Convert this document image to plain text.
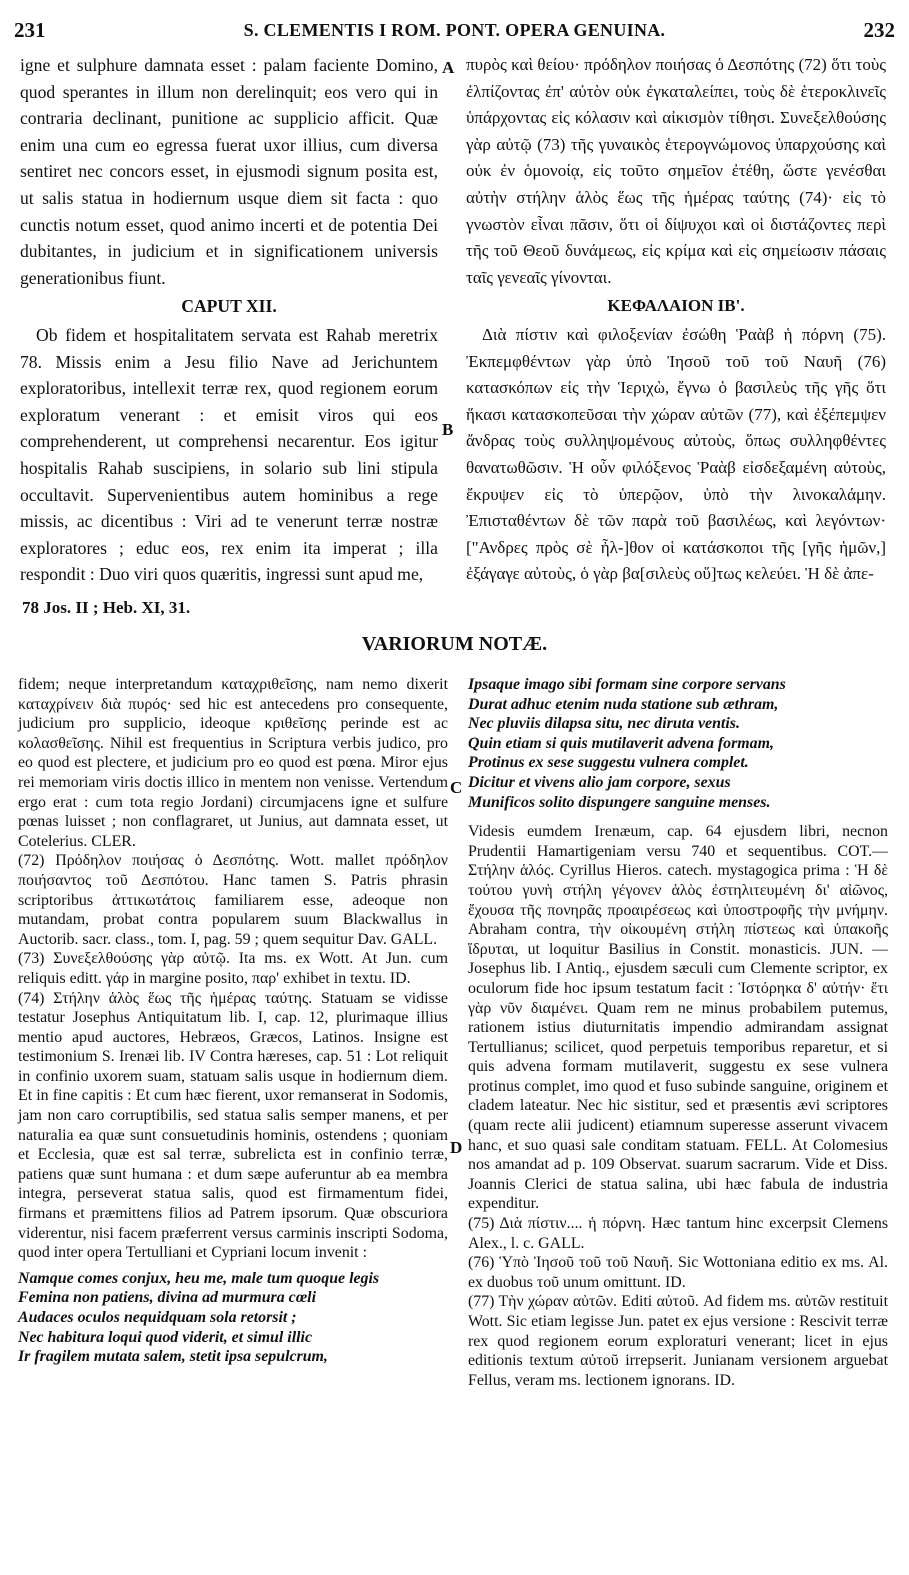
231	S. CLEMENTIS I ROM. PONT. OPERA GENUINA.	232

igne et sulphure damnata esset : palam faciente Domino, quod sperantes in illum non derelinquit; eos vero qui in contraria declinant, punitione ac supplicio afficit. Quæ enim una cum eo egressa fuerat uxor illius, cum diversa sentiret nec concors esset, in ejusmodi signum posita est, ut salis statua in hodiernum usque diem sit facta : quo cunctis notum esset, quod animo incerti et de potentia Dei dubitantes, in judicium et in significationem universis generationibus fiunt.

CAPUT XII.

Ob fidem et hospitalitatem servata est Rahab meretrix 78. Missis enim a Jesu filio Nave ad Jerichuntem exploratoribus, intellexit terræ rex, quod regionem eorum exploratum venerant : et emisit viros qui eos comprehenderent, ut comprehensi necarentur. Eos igitur hospitalis Rahab suscipiens, in solario sub lini stipula occultavit. Supervenientibus autem hominibus a rege missis, ac dicentibus : Viri ad te venerunt terræ nostræ exploratores ; educ eos, rex enim ita imperat ; illa respondit : Duo viri quos quæritis, ingressi sunt apud me,

A
B
C
D

πυρὸς καὶ θείου· πρόδηλον ποιήσας ὁ Δεσπότης (72) ὅτι τοὺς ἐλπίζοντας ἐπ' αὐτὸν οὐκ ἐγκαταλείπει, τοὺς δὲ ἑτεροκλινεῖς ὑπάρχοντας εἰς κόλασιν καὶ αἰκισμὸν τίθησι. Συνεξελθούσης γὰρ αὐτῷ (73) τῆς γυναικὸς ἑτερογνώμονος ὑπαρχούσης καὶ οὐκ ἐν ὁμονοίᾳ, εἰς τοῦτο σημεῖον ἐτέθη, ὥστε γενέσθαι αὐτὴν στήλην ἁλὸς ἕως τῆς ἡμέρας ταύτης (74)· εἰς τὸ γνωστὸν εἶναι πᾶσιν, ὅτι οἱ δίψυχοι καὶ οἱ διστάζοντες περὶ τῆς τοῦ Θεοῦ δυνάμεως, εἰς κρίμα καὶ εἰς σημείωσιν πάσαις ταῖς γενεαῖς γίνονται.

ΚΕΦΑΛΑΙΟΝ ΙΒ'.

Διὰ πίστιν καὶ φιλοξενίαν ἐσώθη Ῥαὰβ ἡ πόρνη (75). Ἐκπεμφθέντων γὰρ ὑπὸ Ἰησοῦ τοῦ τοῦ Ναυῆ (76) κατασκόπων εἰς τὴν Ἱεριχὼ, ἔγνω ὁ βασιλεὺς τῆς γῆς ὅτι ἥκασι κατασκοπεῦσαι τὴν χώραν αὐτῶν (77), καὶ ἐξέπεμψεν ἄνδρας τοὺς συλληψομένους αὐτοὺς, ὅπως συλληφθέντες θανατωθῶσιν. Ἡ οὖν φιλόξενος Ῥαὰβ εἰσδεξαμένη αὐτοὺς, ἔκρυψεν εἰς τὸ ὑπερῷον, ὑπὸ τὴν λινοκαλάμην. Ἐπισταθέντων δὲ τῶν παρὰ τοῦ βασιλέως, καὶ λεγόντων· ["Ανδρες πρὸς σὲ ἦλ-]θον οἱ κατάσκοποι τῆς [γῆς ἡμῶν,] ἐξάγαγε αὐτοὺς, ὁ γὰρ βα[σιλεὺς οὕ]τως κελεύει. Ἡ δὲ ἀπε-

78 Jos. II ; Heb. XI, 31.
VARIORUM NOTÆ.

fidem; neque interpretandum καταχριθεῖσης, nam nemo dixerit καταχρίνειν διὰ πυρός· sed hic est antecedens pro consequente, judicium pro supplicio, ideoque κριθεῖσης perinde est ac κολασθεῖσης. Nihil est frequentius in Scriptura verbis judico, pro eo quod est plectere, et judicium pro eo quod est pœna. Miror ejus rei memoriam viris doctis illico in mentem non venisse. Vertendum ergo erat : cum tota regio Jordani) circumjacens igne et sulfure pœnas luisset ; non conflagraret, ut Junius, aut damnata esset, ut Cotelerius. CLER.

(72) Πρόδηλον ποιήσας ὁ Δεσπότης. Wott. mallet πρόδηλον ποιήσαντος τοῦ Δεσπότου. Hanc tamen S. Patris phrasin scriptoribus ἀττικωτάτοις familiarem esse, adeoque non mutandam, probat contra popularem suum Blackwallus in Auctorib. sacr. class., tom. I, pag. 59 ; quem sequitur Dav. GALL.

(73) Συνεξελθούσης γὰρ αὐτῷ. Ita ms. ex Wott. At Jun. cum reliquis editt. γάρ in margine posito, παρ' exhibet in textu. ID.

(74) Στήλην ἁλὸς ἕως τῆς ἡμέρας ταύτης. Statuam se vidisse testatur Josephus Antiquitatum lib. I, cap. 12, plurimaque illius mentio apud auctores, Hebræos, Græcos, Latinos. Insigne est testimonium S. Irenæi lib. IV Contra hæreses, cap. 51 : Lot reliquit in confinio uxorem suam, statuam salis usque in hodiernum diem. Et in fine capitis : Et cum hæc fierent, uxor remanserat in Sodomis, jam non caro corruptibilis, sed statua salis semper manens, et per naturalia ea quæ sunt consuetudinis hominis, ostendens ; quoniam et Ecclesia, quæ est sal terræ, subrelicta est in confinio terræ, patiens quæ sunt humana : et dum sæpe auferuntur ab ea membra integra, perseverat statua salis, quod est firmamentum fidei, firmans et præmittens filios ad Patrem ipsorum. Quæ obscuriora viderentur, nisi facem præferrent versus carminis inscripti Sodoma, quod inter opera Tertulliani et Cypriani locum invenit :

Namque comes conjux, heu me, male tum quoque legis

Femina non patiens, divina ad murmura cœli

Audaces oculos nequidquam sola retorsit ;

Nec habitura loqui quod viderit, et simul illic

Ir fragilem mutata salem, stetit ipsa sepulcrum,

Ipsaque imago sibi formam sine corpore servans

Durat adhuc etenim nuda statione sub æthram,

Nec pluviis dilapsa situ, nec diruta ventis.

Quin etiam si quis mutilaverit advena formam,

Protinus ex sese suggestu vulnera complet.

Dicitur et vivens alio jam corpore, sexus

Munificos solito dispungere sanguine menses.

Videsis eumdem Irenæum, cap. 64 ejusdem libri, necnon Prudentii Hamartigeniam versu 740 et sequentibus. COT.— Στήλην ἁλός. Cyrillus Hieros. catech. mystagogica prima : Ἡ δὲ τούτου γυνὴ στήλη γέγονεν ἁλὸς ἐστηλιτευμένη δι' αἰῶνος, ἔχουσα τῆς πονηρᾶς προαιρέσεως καὶ ὑποστροφῆς τὴν μνήμην. Abraham contra, τὴν οἰκουμένη στήλη πίστεως καὶ ὑπακοῆς ἵδρυται, ut loquitur Basilius in Constit. monasticis. JUN. — Josephus lib. I Antiq., ejusdem sæculi cum Clemente scriptor, ex oculorum fide hoc ipsum testatum facit : Ἱστόρηκα δ' αὐτήν· ἔτι γὰρ νῦν διαμένει. Quam rem ne minus probabilem putemus, rationem istius diuturnitatis impendio admirandam assignat Tertullianus; scilicet, quod perpetuis temporibus reparetur, et si quis advena formam mutilaverit, suggestu ex sese vulnera protinus complet, imo quod et fuso subinde sanguine, originem et cladem lateatur. Nec hic sistitur, sed et præsentis ævi scriptores (quam recte alii judicent) etiamnum superesse asserunt vivacem hanc, et suo quasi sale conditam statuam. FELL. At Colomesius nos amandat ad p. 109 Observat. suarum sacrarum. Vide et Diss. Joannis Clerici de statua salina, ubi hæc fabula de industria expenditur.

(75) Διὰ πίστιν.... ἡ πόρνη. Hæc tantum hinc excerpsit Clemens Alex., l. c. GALL.

(76) Ὑπὸ Ἰησοῦ τοῦ τοῦ Ναυῆ. Sic Wottoniana editio ex ms. Al. ex duobus τοῦ unum omittunt. ID.

(77) Τὴν χώραν αὐτῶν. Editi αὐτοῦ. Ad fidem ms. αὐτῶν restituit Wott. Sic etiam legisse Jun. patet ex ejus versione : Rescivit terræ rex quod regionem eorum exploraturi venerant; licet in ejus editionis textum αὐτοῦ irrepserit. Junianam versionem arguebat Fellus, veram ms. lectionem ignorans. ID.
